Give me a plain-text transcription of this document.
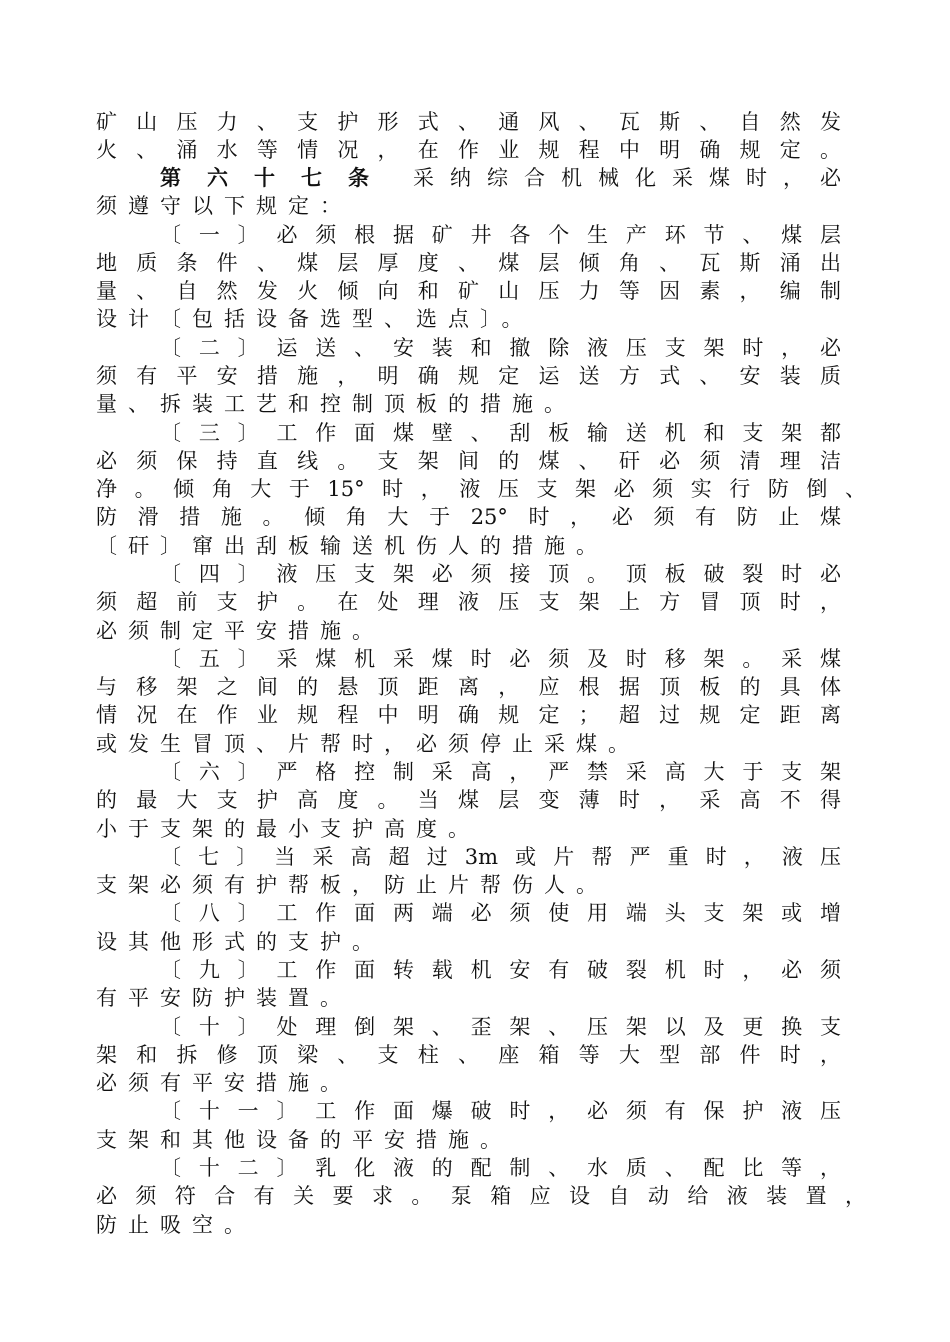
矿山压力、支护形式、通风、瓦斯、自然发
火、涌水等情况，在作业规程中明确规定。
第六十七条 采纳综合机械化采煤时，必
须遵守以下规定：
〔一〕必须根据矿井各个生产环节、煤层
地质条件、煤层厚度、煤层倾角、瓦斯涌出
量、自然发火倾向和矿山压力等因素，编制
设计〔包括设备选型、选点〕。
〔二〕运送、安装和撤除液压支架时，必
须有平安措施，明确规定运送方式、安装质
量、拆装工艺和控制顶板的措施。
〔三〕工作面煤壁、刮板输送机和支架都
必须保持直线。支架间的煤、矸必须清理洁
净。倾角大于15°时，液压支架必须实行防倒、
防滑措施。倾角大于25°时，必须有防止煤
〔矸〕窜出刮板输送机伤人的措施。
〔四〕液压支架必须接顶。顶板破裂时必
须超前支护。在处理液压支架上方冒顶时，
必须制定平安措施。
〔五〕采煤机采煤时必须及时移架。采煤
与移架之间的悬顶距离，应根据顶板的具体
情况在作业规程中明确规定；超过规定距离
或发生冒顶、片帮时，必须停止采煤。
〔六〕严格控制采高，严禁采高大于支架
的最大支护高度。当煤层变薄时，采高不得
小于支架的最小支护高度。
〔七〕当采高超过3m或片帮严重时，液压
支架必须有护帮板，防止片帮伤人。
〔八〕工作面两端必须使用端头支架或增
设其他形式的支护。
〔九〕工作面转载机安有破裂机时，必须
有平安防护装置。
〔十〕处理倒架、歪架、压架以及更换支
架和拆修顶梁、支柱、座箱等大型部件时，
必须有平安措施。
〔十一〕工作面爆破时，必须有保护液压
支架和其他设备的平安措施。
〔十二〕乳化液的配制、水质、配比等，
必须符合有关要求。泵箱应设自动给液装置，
防止吸空。
